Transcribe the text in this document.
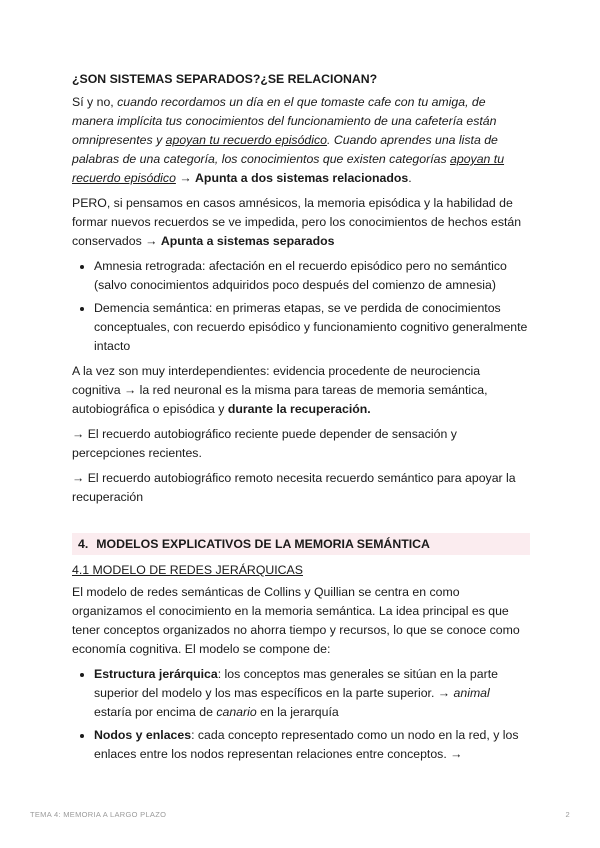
¿SON SISTEMAS SEPARADOS?¿SE RELACIONAN?

Sí y no, cuando recordamos un día en el que tomaste cafe con tu amiga, de manera implícita tus conocimientos del funcionamiento de una cafetería están omnipresentes y apoyan tu recuerdo episódico. Cuando aprendes una lista de palabras de una categoría, los conocimientos que existen categorías apoyan tu recuerdo episódico → Apunta a dos sistemas relacionados.

PERO, si pensamos en casos amnésicos, la memoria episódica y la habilidad de formar nuevos recuerdos se ve impedida, pero los conocimientos de hechos están conservados → Apunta a sistemas separados

• Amnesia retrograda: afectación en el recuerdo episódico pero no semántico (salvo conocimientos adquiridos poco después del comienzo de amnesia)
• Demencia semántica: en primeras etapas, se ve perdida de conocimientos conceptuales, con recuerdo episódico y funcionamiento cognitivo generalmente intacto

A la vez son muy interdependientes: evidencia procedente de neurociencia cognitiva → la red neuronal es la misma para tareas de memoria semántica, autobiográfica o episódica y durante la recuperación.

→ El recuerdo autobiográfico reciente puede depender de sensación y percepciones recientes.

→ El recuerdo autobiográfico remoto necesita recuerdo semántico para apoyar la recuperación

4. MODELOS EXPLICATIVOS DE LA MEMORIA SEMÁNTICA

4.1 MODELO DE REDES JERÁRQUICAS

El modelo de redes semánticas de Collins y Quillian se centra en como organizamos el conocimiento en la memoria semántica. La idea principal es que tener conceptos organizados no ahorra tiempo y recursos, lo que se conoce como economía cognitiva. El modelo se compone de:

• Estructura jerárquica: los conceptos mas generales se sitúan en la parte superior del modelo y los mas específicos en la parte superior. → animal estaría por encima de canario en la jerarquía
• Nodos y enlaces: cada concepto representado como un nodo en la red, y los enlaces entre los nodos representan relaciones entre conceptos. →
TEMA 4: MEMORIA A LARGO PLAZO	2
